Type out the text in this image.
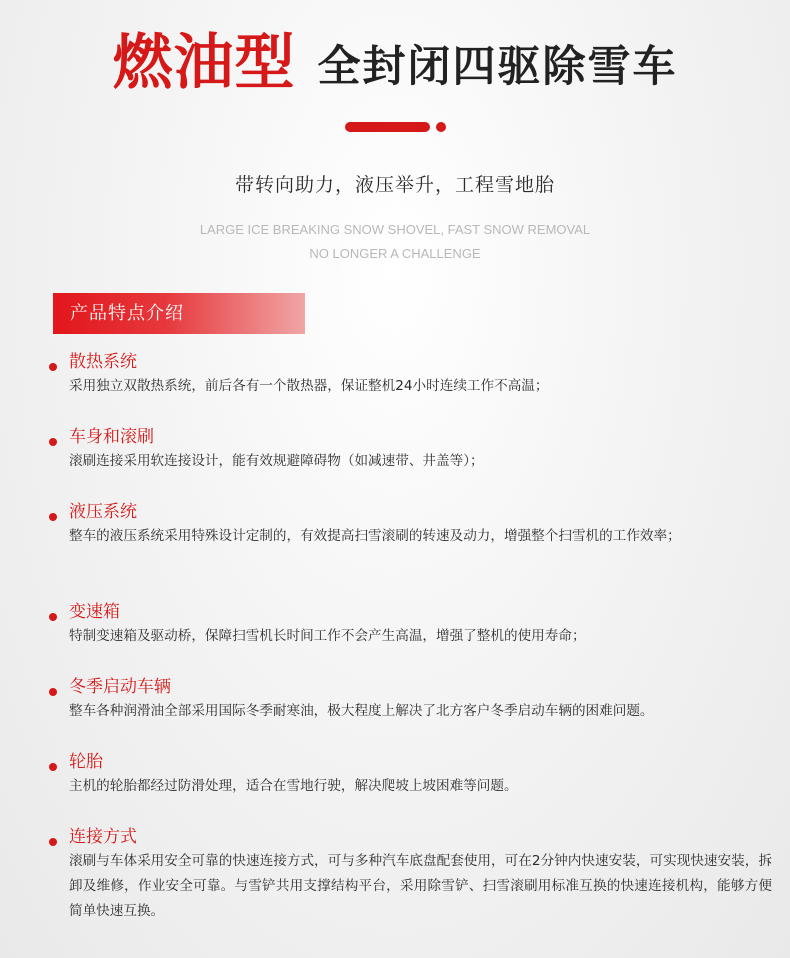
燃油型 全封闭四驱除雪车
带转向助力，液压举升，工程雪地胎
LARGE ICE BREAKING SNOW SHOVEL, FAST SNOW REMOVAL
NO LONGER A CHALLENGE
产品特点介绍
散热系统
采用独立双散热系统，前后各有一个散热器，保证整机24小时连续工作不高温；
车身和滚刷
滚刷连接采用软连接设计，能有效规避障碍物（如减速带、井盖等）；
液压系统
整车的液压系统采用特殊设计定制的，有效提高扫雪滚刷的转速及动力，增强整个扫雪机的工作效率；
变速箱
特制变速箱及驱动桥，保障扫雪机长时间工作不会产生高温，增强了整机的使用寿命；
冬季启动车辆
整车各种润滑油全部采用国际冬季耐寒油，极大程度上解决了北方客户冬季启动车辆的困难问题。
轮胎
主机的轮胎都经过防滑处理，适合在雪地行驶，解决爬坡上坡困难等问题。
连接方式
滚刷与车体采用安全可靠的快速连接方式，可与多种汽车底盘配套使用，可在2分钟内快速安装，可实现快速安装，拆卸及维修，作业安全可靠。与雪铲共用支撑结构平台，采用除雪铲、扫雪滚刷用标准互换的快速连接机构，能够方便简单快速互换。
